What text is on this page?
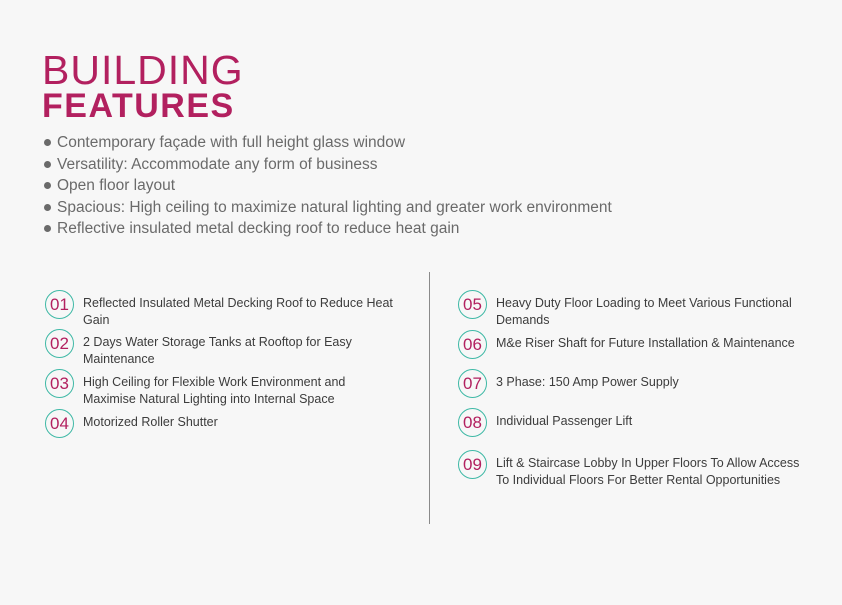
BUILDING
FEATURES
Contemporary façade with full height glass window
Versatility: Accommodate any form of business
Open floor layout
Spacious: High ceiling to maximize natural lighting and greater work environment
Reflective insulated metal decking roof to reduce heat gain
01	Reflected Insulated Metal Decking Roof to Reduce Heat Gain
02	2 Days Water Storage Tanks at Rooftop for Easy Maintenance
03	High Ceiling for Flexible Work Environment and Maximise Natural Lighting into Internal Space
04	Motorized Roller Shutter
05	Heavy Duty Floor Loading to Meet Various Functional Demands
06	M&e Riser Shaft for Future Installation & Maintenance
07	3 Phase: 150 Amp Power Supply
08	Individual Passenger Lift
09	Lift & Staircase Lobby In Upper Floors To Allow Access To Individual Floors For Better Rental Opportunities
